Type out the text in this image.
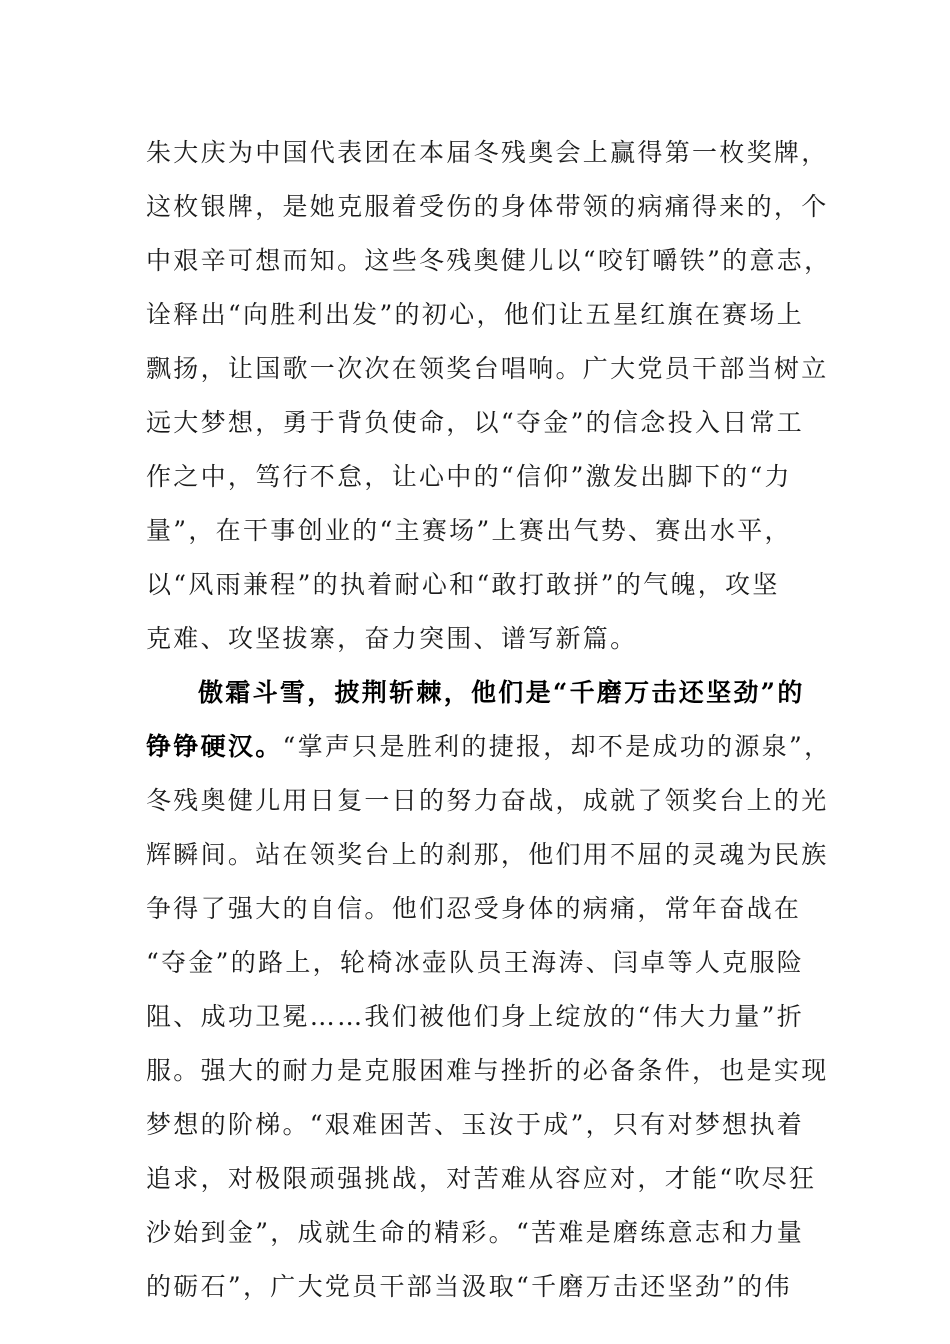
朱大庆为中国代表团在本届冬残奥会上赢得第一枚奖牌，
这枚银牌，是她克服着受伤的身体带领的病痛得来的，个
中艰辛可想而知。这些冬残奥健儿以“咬钉嚼铁”的意志，
诠释出“向胜利出发”的初心，他们让五星红旗在赛场上
飘扬，让国歌一次次在领奖台唱响。广大党员干部当树立
远大梦想，勇于背负使命，以“夺金”的信念投入日常工
作之中，笃行不怠，让心中的“信仰”激发出脚下的“力
量”，在干事创业的“主赛场”上赛出气势、赛出水平，
以“风雨兼程”的执着耐心和“敢打敢拼”的气魄，攻坚
克难、攻坚拔寨，奋力突围、谱写新篇。
傲霜斗雪，披荆斩棘，他们是“千磨万击还坚劲”的
铮铮硬汉。“掌声只是胜利的捷报，却不是成功的源泉”，
冬残奥健儿用日复一日的努力奋战，成就了领奖台上的光
辉瞬间。站在领奖台上的刹那，他们用不屈的灵魂为民族
争得了强大的自信。他们忍受身体的病痛，常年奋战在
“夺金”的路上，轮椅冰壶队员王海涛、闫卓等人克服险
阻、成功卫冕……我们被他们身上绽放的“伟大力量”折
服。强大的耐力是克服困难与挫折的必备条件，也是实现
梦想的阶梯。“艰难困苦、玉汝于成”，只有对梦想执着
追求，对极限顽强挑战，对苦难从容应对，才能“吹尽狂
沙始到金”，成就生命的精彩。“苦难是磨练意志和力量
的砺石”，广大党员干部当汲取“千磨万击还坚劲”的伟
